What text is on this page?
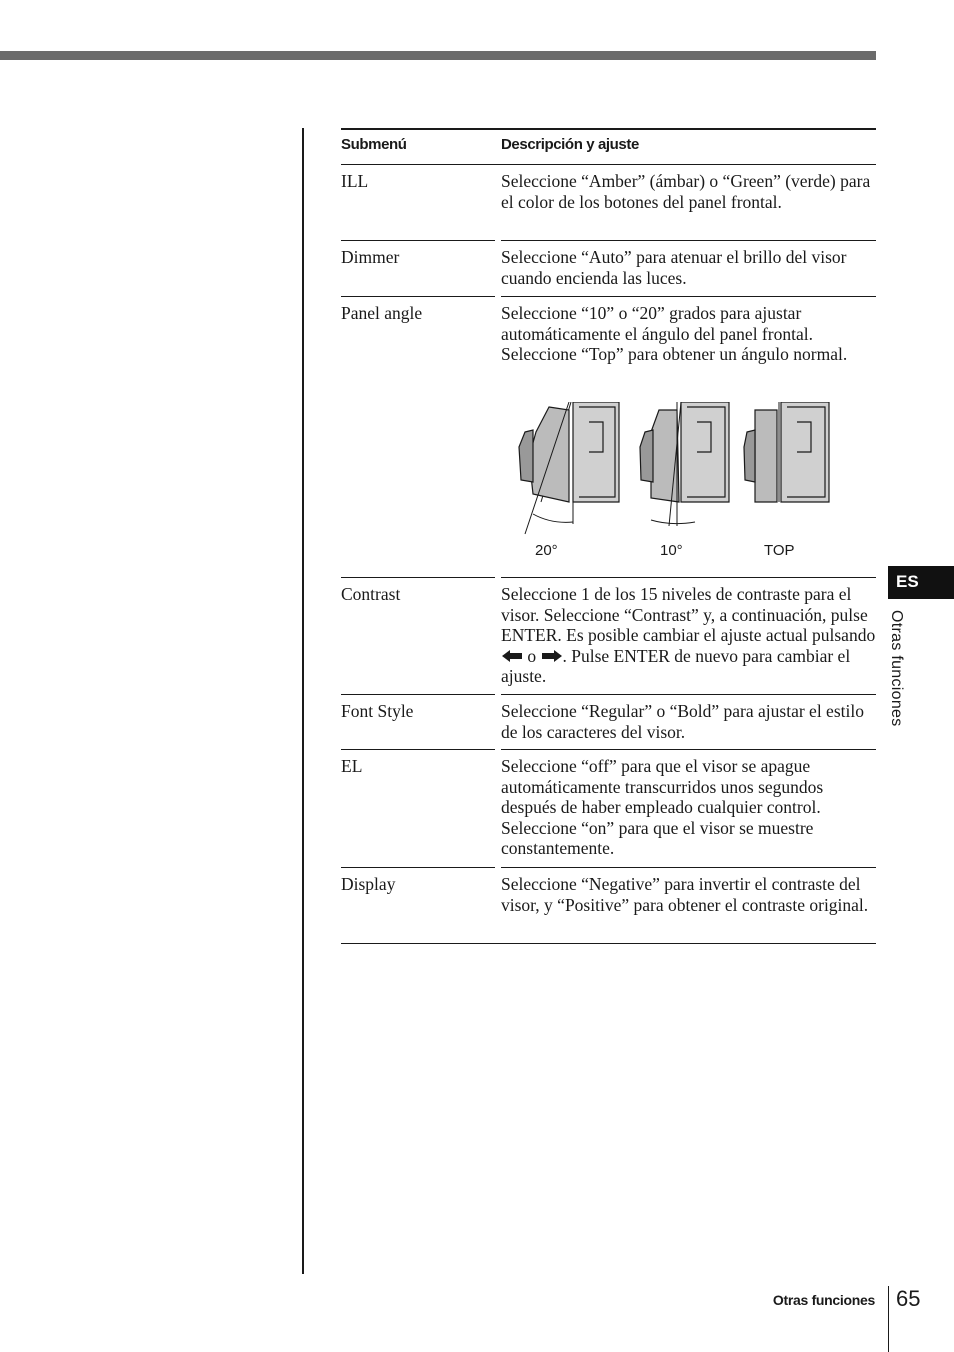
Submenú	Descripción y ajuste
ILL	Seleccione “Amber” (ámbar) o “Green” (verde) para el color de los botones del panel frontal.
Dimmer	Seleccione “Auto” para atenuar el brillo del visor cuando encienda las luces.
Panel angle	Seleccione “10” o “20” grados para ajustar automáticamente el ángulo del panel frontal. Seleccione “Top” para obtener un ángulo normal.
20°	10°	TOP
Contrast	Seleccione 1 de los 15 niveles de contraste para el visor. Seleccione “Contrast” y, a continuación, pulse ENTER. Es posible cambiar el ajuste actual pulsando  o . Pulse ENTER de nuevo para cambiar el ajuste.
Font Style	Seleccione “Regular” o “Bold” para ajustar el estilo de los caracteres del visor.
EL	Seleccione “off” para que el visor se apague automáticamente transcurridos unos segundos después de haber empleado cualquier control. Seleccione “on” para que el visor se muestre constantemente.
Display	Seleccione “Negative” para invertir el contraste del visor, y “Positive” para obtener el contraste original.
ES
Otras funciones
Otras funciones 65
